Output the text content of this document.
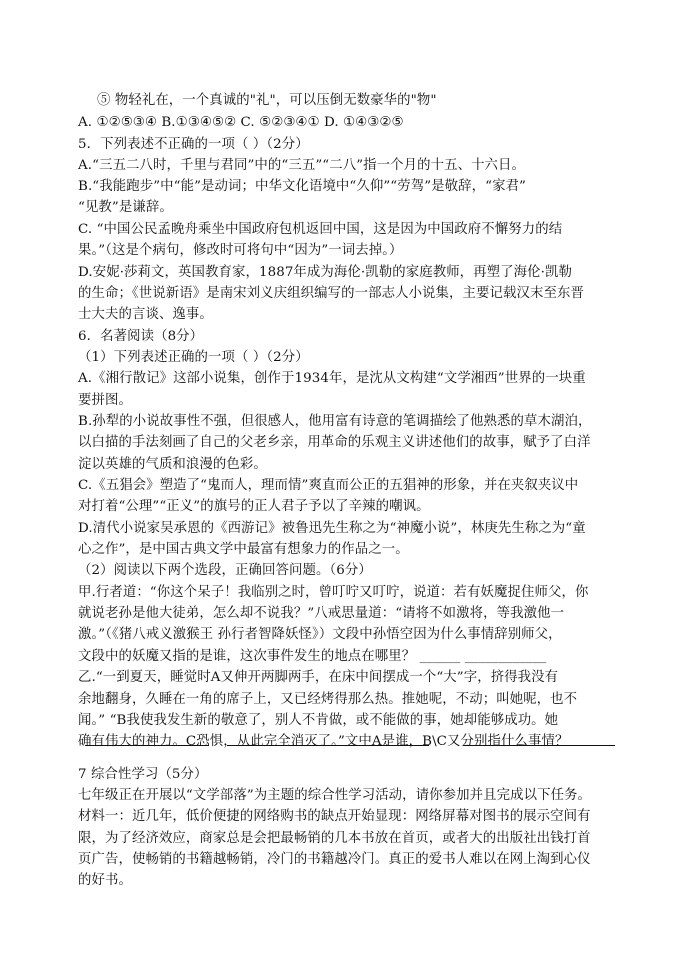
⑤ 物轻礼在，一个真诚的"礼"，可以压倒无数豪华的"物"
A. ①②⑤③④ B.①③④⑤② C. ⑤②③④① D. ①④③②⑤
5．下列表述不正确的一项（ ）（2分）
A.“三五二八时，千里与君同”中的“三五”“二八”指一个月的十五、十六日。
B.“我能跑步”中“能”是动词；中华文化语境中“久仰”“劳驾”是敬辞，“家君”
“见教”是谦辞。
C. “中国公民孟晚舟乘坐中国政府包机返回中国，这是因为中国政府不懈努力的结
果。”（这是个病句，修改时可将句中“因为”一词去掉。）
D.安妮·莎莉文，英国教育家，1887年成为海伦·凯勒的家庭教师，再塑了海伦·凯勒
的生命；《世说新语》是南宋刘义庆组织编写的一部志人小说集，主要记载汉末至东晋
士大夫的言谈、逸事。
6．名著阅读（8分）
（1）下列表述正确的一项（ ）（2分）
A.《湘行散记》这部小说集，创作于1934年，是沈从文构建“文学湘西”世界的一块重
要拼图。
B.孙犁的小说故事性不强，但很感人，他用富有诗意的笔调描绘了他熟悉的草木湖泊，
以白描的手法刻画了自己的父老乡亲，用革命的乐观主义讲述他们的故事，赋予了白洋
淀以英雄的气质和浪漫的色彩。
C.《五猖会》塑造了“鬼而人，理而情”爽直而公正的五猖神的形象，并在夹叙夹议中
对打着“公理”“正义”的旗号的正人君子予以了辛辣的嘲讽。
D.清代小说家吴承恩的《西游记》被鲁迅先生称之为“神魔小说”，林庚先生称之为“童
心之作”，是中国古典文学中最富有想象力的作品之一。
（2）阅读以下两个选段，正确回答问题。（6分）
甲.行者道：“你这个呆子！我临别之时，曾叮咛又叮咛，说道：若有妖魔捉住师父，你
就说老孙是他大徒弟，怎么却不说我？”八戒思量道：“请将不如激将，等我激他一
激。”（《猪八戒义激猴王 孙行者智降妖怪》）文段中孙悟空因为什么事情辞别师父，
文段中的妖魔又指的是谁，这次事件发生的地点在哪里？ ______ ____________
乙.“一到夏天，睡觉时A又伸开两脚两手，在床中间摆成一个“大”字，挤得我没有
余地翻身，久睡在一角的席子上，又已经烤得那么热。推她呢，不动；叫她呢，也不
闻。” “B我使我发生新的敬意了，别人不肯做，或不能做的事，她却能够成功。她
确有伟大的神力。C恐惧，从此完全消灭了。”文中A是谁，B\C又分别指什么事情？
7 综合性学习（5分）
七年级正在开展以“文学部落”为主题的综合性学习活动，请你参加并且完成以下任务。
材料一：近几年，低价便捷的网络购书的缺点开始显现：网络屏幕对图书的展示空间有
限，为了经济效应，商家总是会把最畅销的几本书放在首页，或者大的出版社出钱打首
页广告，使畅销的书籍越畅销，冷门的书籍越冷门。真正的爱书人难以在网上淘到心仪
的好书。
